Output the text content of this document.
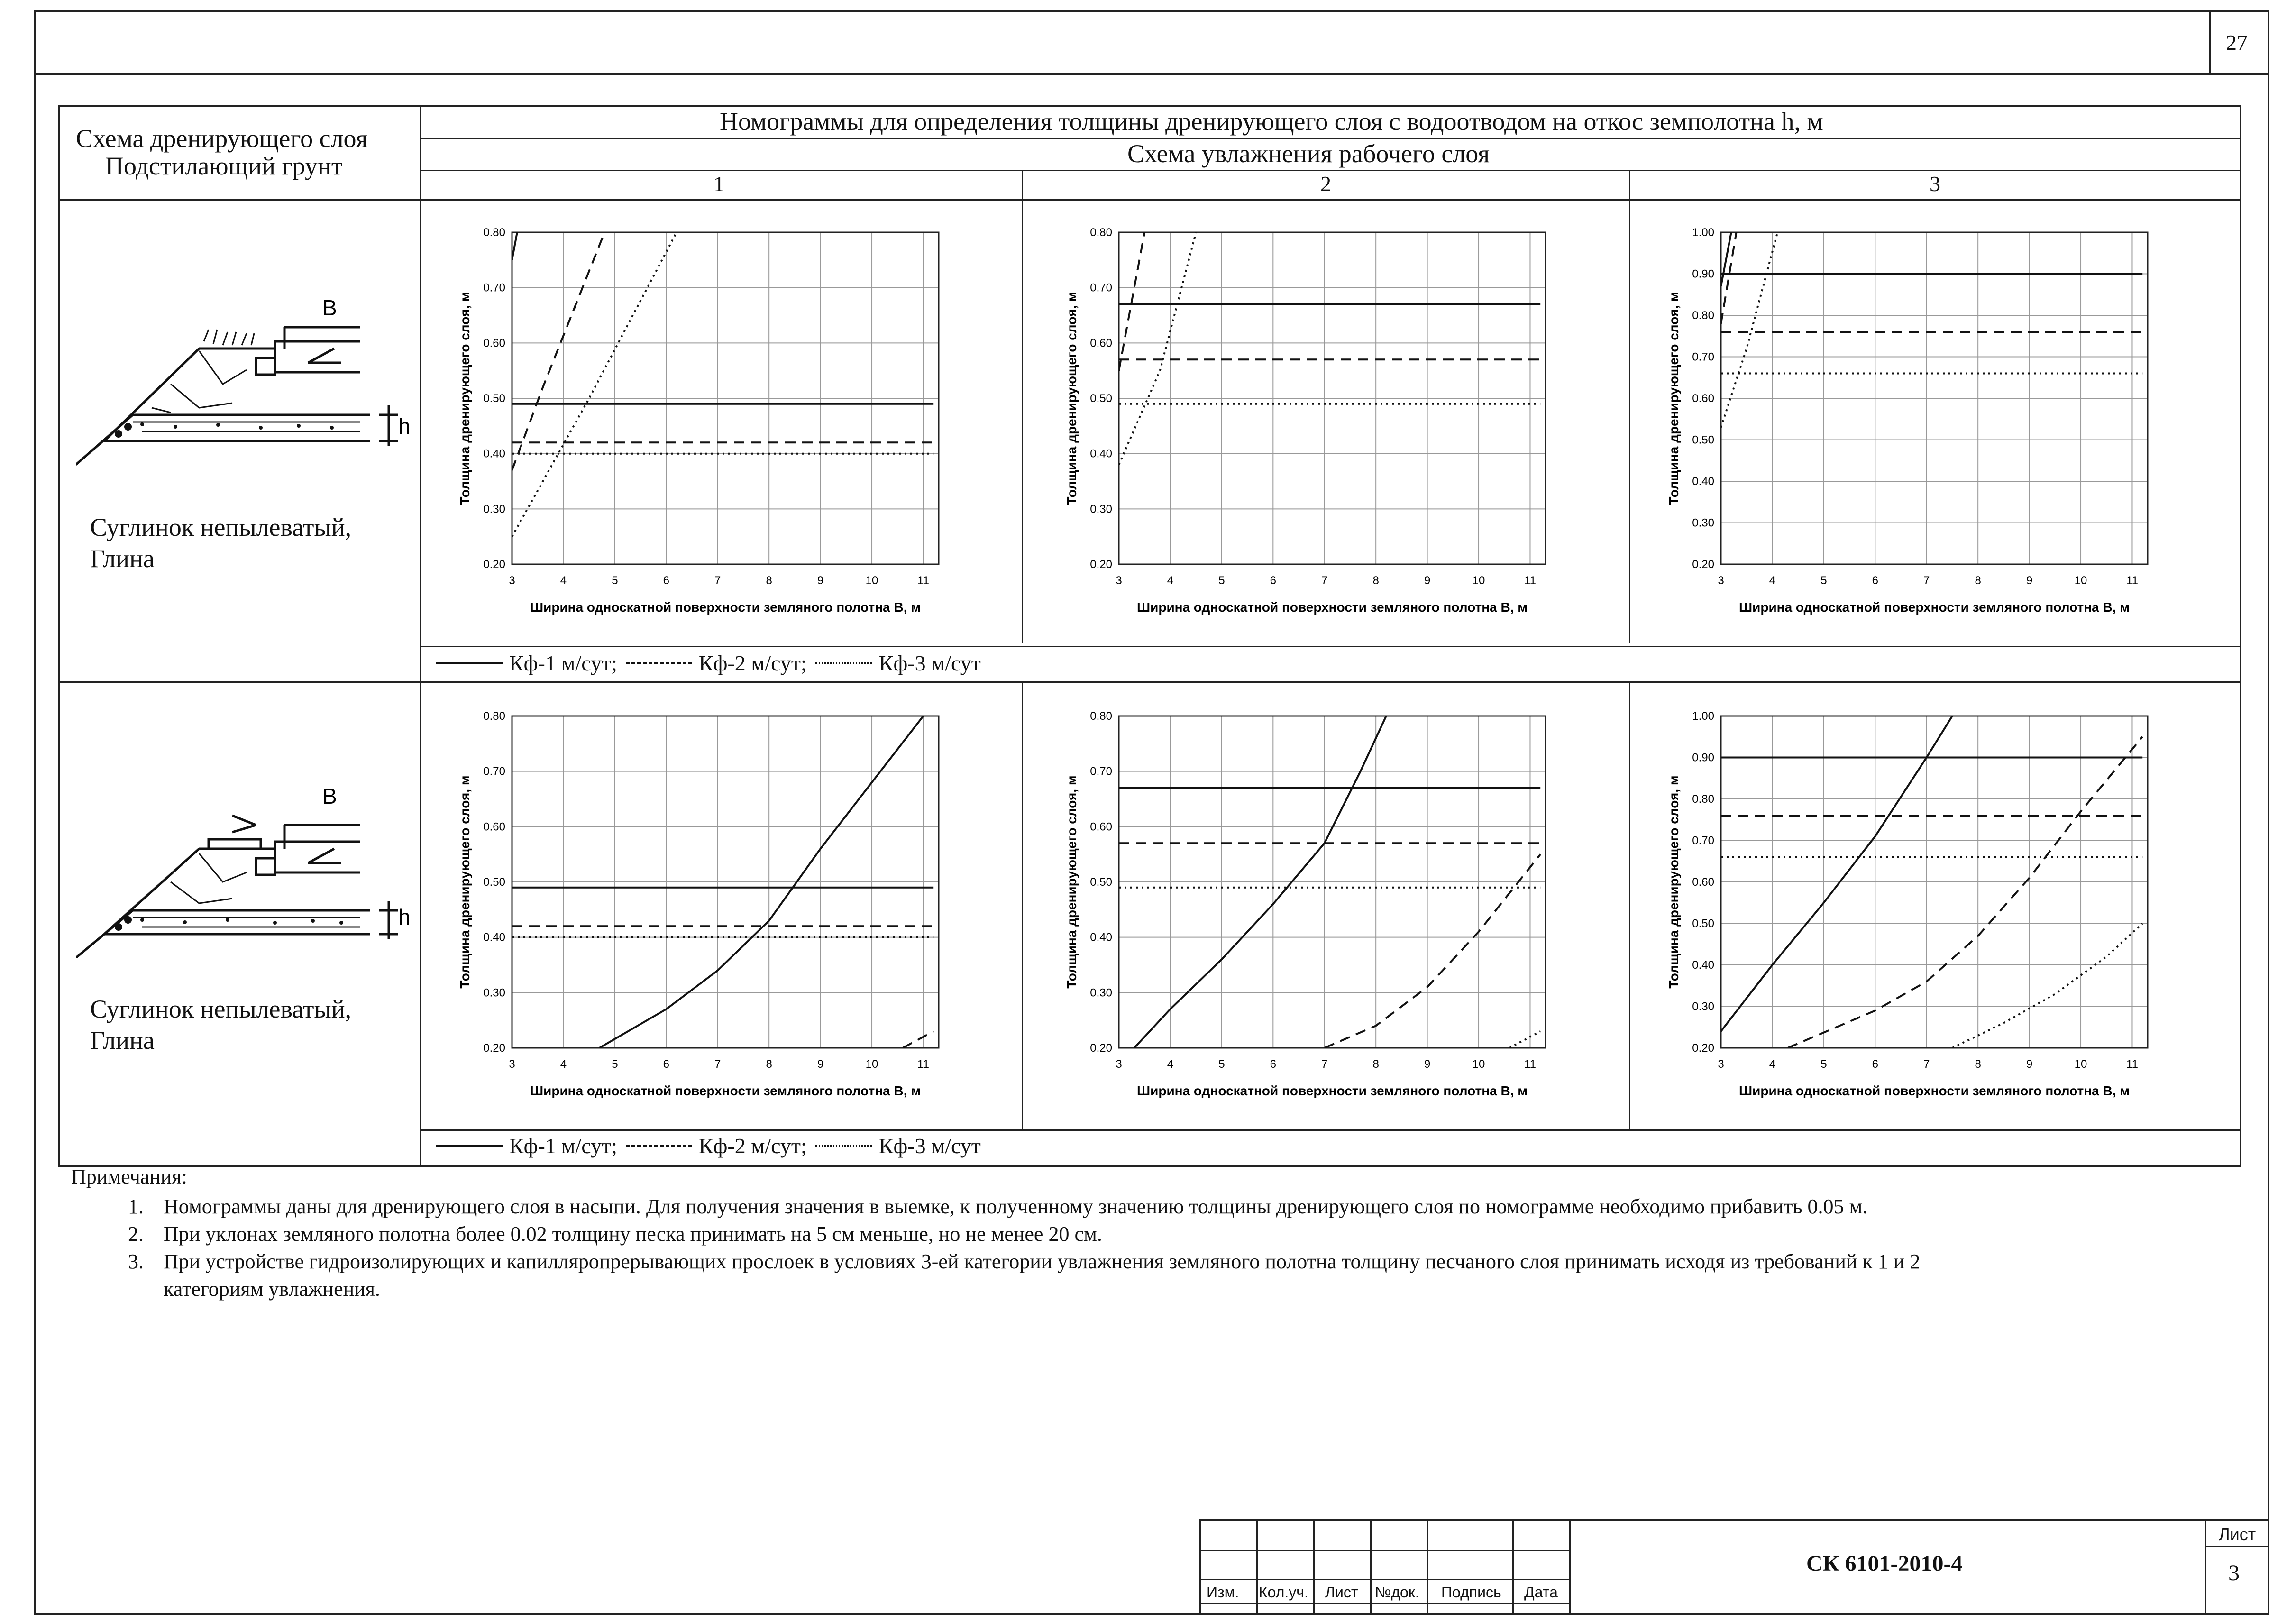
27
Схема дренирующего слоя
Подстилающий грунт
Номограммы для определения толщины дренирующего слоя с водоотводом на откос земполотна h, м
Схема увлажнения рабочего слоя
1	2	3
B
h
Суглинок непылеватый,
Глина
B
h
Суглинок непылеватый,
Глина
3	4	5	6	7	8	9	10	11
0.20
0.30
0.40
0.50
0.60
0.70
0.80
Ширина односкатной поверхности земляного полотна В, м
Толщина дренирующего слоя, м
3	4	5	6	7	8	9	10	11
0.20
0.30
0.40
0.50
0.60
0.70
0.80
Ширина односкатной поверхности земляного полотна В, м
Толщина дренирующего слоя, м
3	4	5	6	7	8	9	10	11
0.20
0.30
0.40
0.50
0.60
0.70
0.80
0.90
1.00
Ширина односкатной поверхности земляного полотна В, м
Толщина дренирующего слоя, м
3	4	5	6	7	8	9	10	11
0.20
0.30
0.40
0.50
0.60
0.70
0.80
Ширина односкатной поверхности земляного полотна В, м
Толщина дренирующего слоя, м
3	4	5	6	7	8	9	10	11
0.20
0.30
0.40
0.50
0.60
0.70
0.80
Ширина односкатной поверхности земляного полотна В, м
Толщина дренирующего слоя, м
3	4	5	6	7	8	9	10	11
0.20
0.30
0.40
0.50
0.60
0.70
0.80
0.90
1.00
Ширина односкатной поверхности земляного полотна В, м
Толщина дренирующего слоя, м
Кф-1 м/сут;	Кф-2 м/сут;	Кф-3 м/сут
Кф-1 м/сут;	Кф-2 м/сут;	Кф-3 м/сут
Примечания:
1. Номограммы даны для дренирующего слоя в насыпи. Для получения значения в выемке, к полученному значению толщины дренирующего слоя по номограмме необходимо прибавить 0.05 м.
2. При уклонах земляного полотна более 0.02 толщину песка принимать на 5 см меньше, но не менее 20 см.
3. При устройстве гидроизолирующих и капилляропрерывающих прослоек в условиях 3-ей категории увлажнения земляного полотна толщину песчаного слоя принимать исходя из требований к 1 и 2
категориям увлажнения.
Изм. Кол.уч. Лист №док. Подпись Дата
СК 6101-2010-4
Лист
3
